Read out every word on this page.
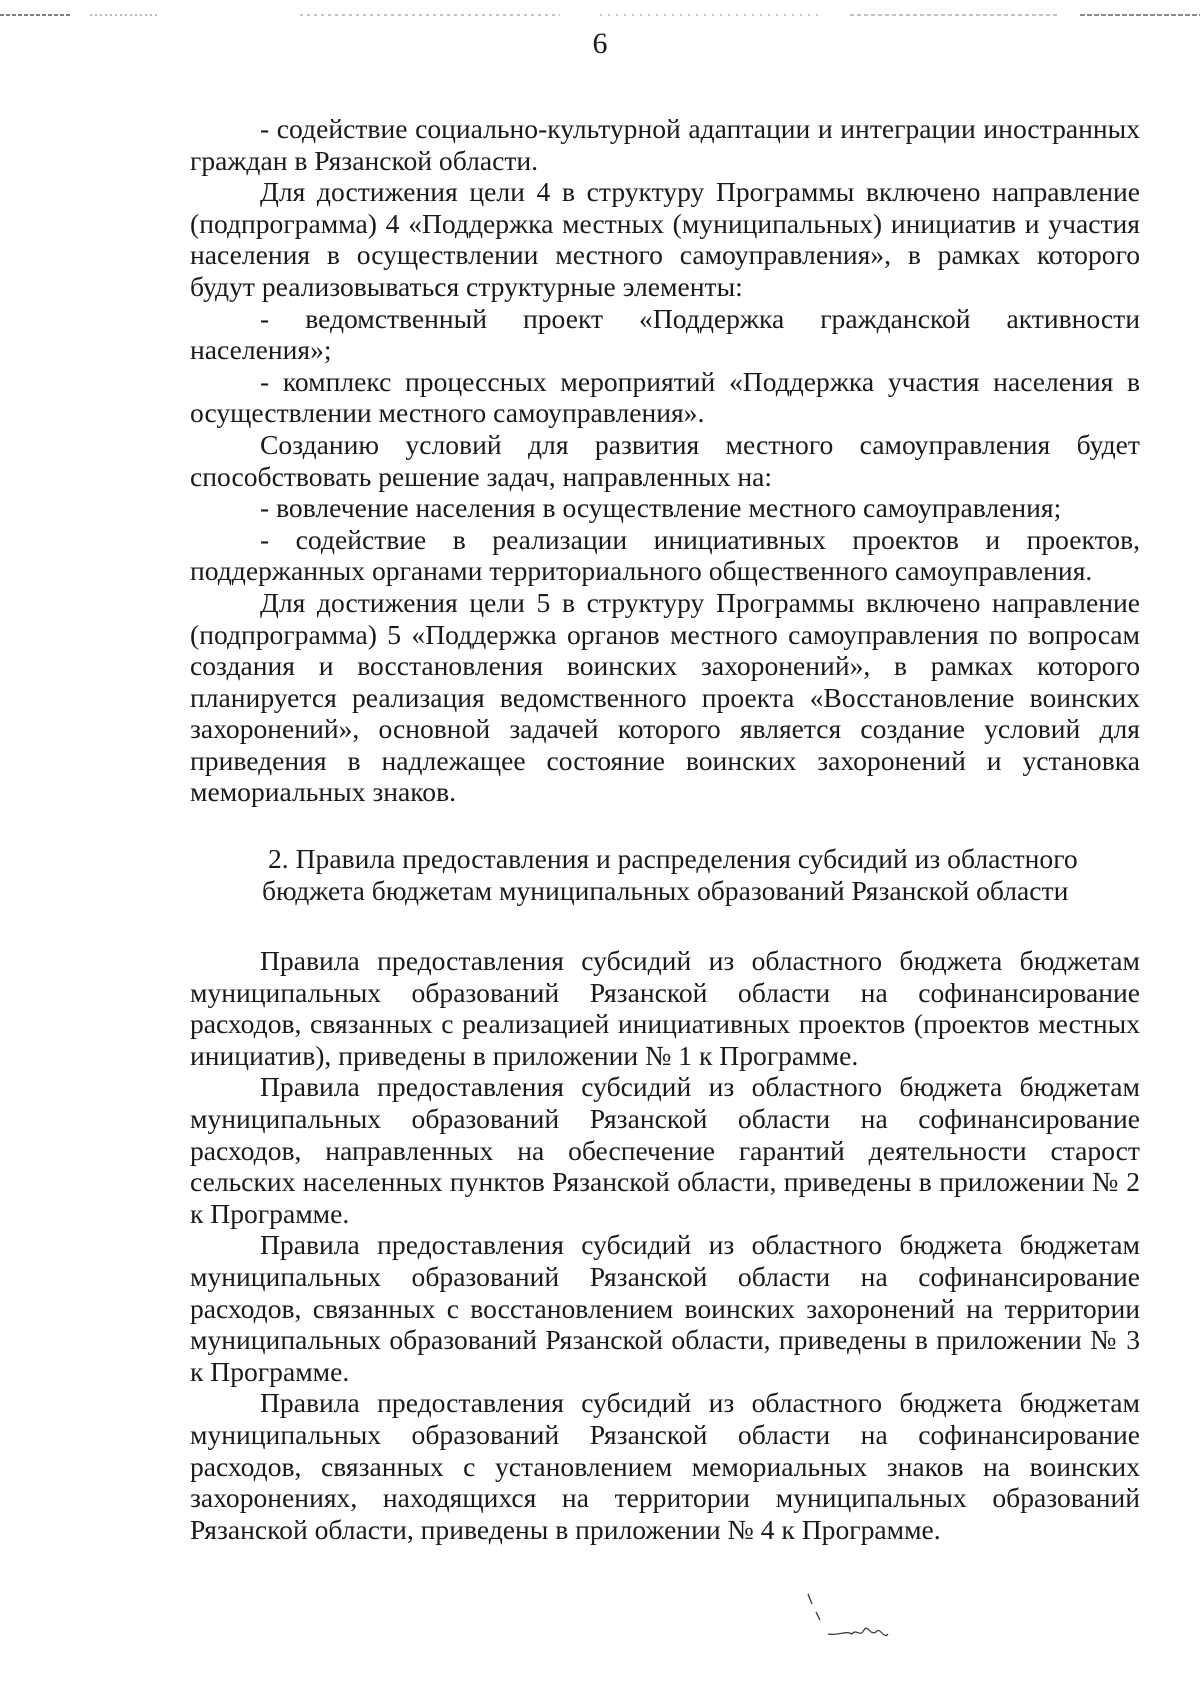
6

- содействие социально-культурной адаптации и интеграции иностранных граждан в Рязанской области.

Для достижения цели 4 в структуру Программы включено направление (подпрограмма) 4 «Поддержка местных (муниципальных) инициатив и участия населения в осуществлении местного самоуправления», в рамках которого будут реализовываться структурные элементы:

- ведомственный проект «Поддержка гражданской активности населения»;

- комплекс процессных мероприятий «Поддержка участия населения в осуществлении местного самоуправления».

Созданию условий для развития местного самоуправления будет способствовать решение задач, направленных на:

- вовлечение населения в осуществление местного самоуправления;

- содействие в реализации инициативных проектов и проектов, поддержанных органами территориального общественного самоуправления.

Для достижения цели 5 в структуру Программы включено направление (подпрограмма) 5 «Поддержка органов местного самоуправления по вопросам создания и восстановления воинских захоронений», в рамках которого планируется реализация ведомственного проекта «Восстановление воинских захоронений», основной задачей которого является создание условий для приведения в надлежащее состояние воинских захоронений и установка мемориальных знаков.

2. Правила предоставления и распределения субсидий из областного
бюджета бюджетам муниципальных образований Рязанской области

Правила предоставления субсидий из областного бюджета бюджетам муниципальных образований Рязанской области на софинансирование расходов, связанных с реализацией инициативных проектов (проектов местных инициатив), приведены в приложении № 1 к Программе.

Правила предоставления субсидий из областного бюджета бюджетам муниципальных образований Рязанской области на софинансирование расходов, направленных на обеспечение гарантий деятельности старост сельских населенных пунктов Рязанской области, приведены в приложении № 2 к Программе.

Правила предоставления субсидий из областного бюджета бюджетам муниципальных образований Рязанской области на софинансирование расходов, связанных с восстановлением воинских захоронений на территории муниципальных образований Рязанской области, приведены в приложении № 3 к Программе.

Правила предоставления субсидий из областного бюджета бюджетам муниципальных образований Рязанской области на софинансирование расходов, связанных с установлением мемориальных знаков на воинских захоронениях, находящихся на территории муниципальных образований Рязанской области, приведены в приложении № 4 к Программе.
